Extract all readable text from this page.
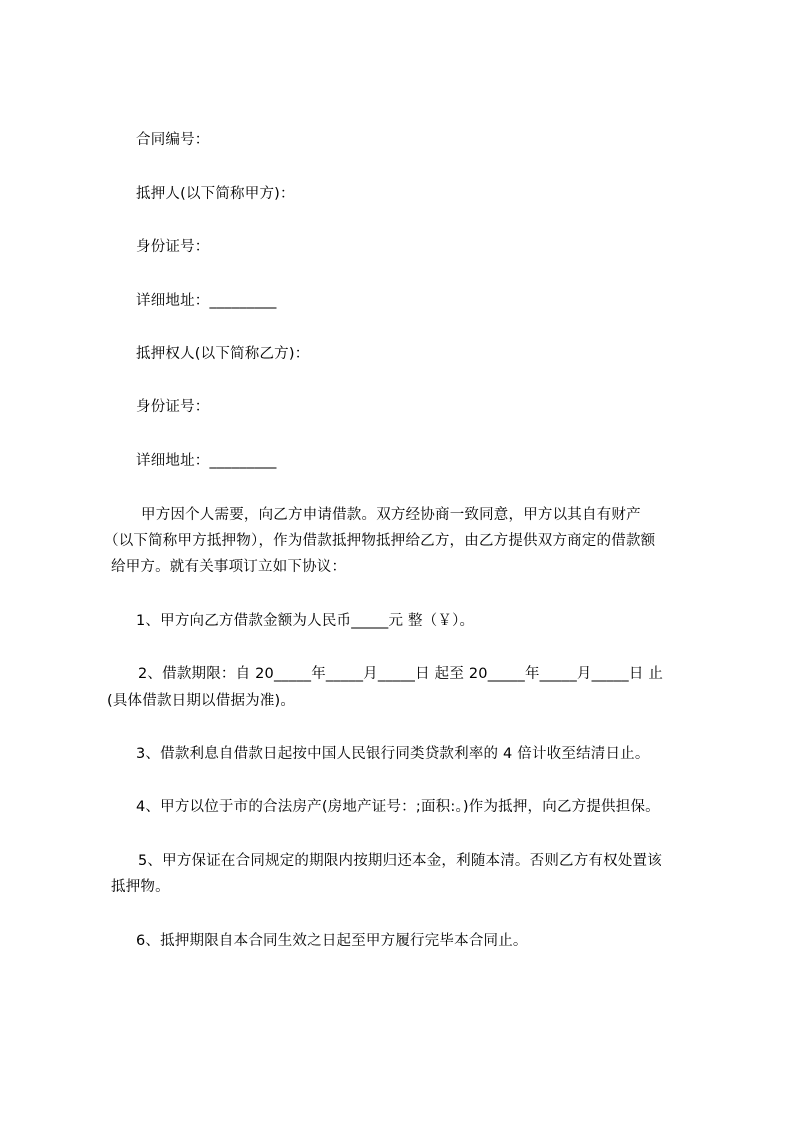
合同编号：
抵押人(以下简称甲方)：
身份证号：
详细地址：_________
抵押权人(以下简称乙方)：
身份证号：
详细地址：_________
甲方因个人需要，向乙方申请借款。双方经协商一致同意，甲方以其自有财产
（以下简称甲方抵押物），作为借款抵押物抵押给乙方，由乙方提供双方商定的借款额
给甲方。就有关事项订立如下协议：
1、甲方向乙方借款金额为人民币_____元 整（￥）。
2、借款期限：自 20_____年_____月_____日 起至 20_____年_____月_____日 止
(具体借款日期以借据为准)。
3、借款利息自借款日起按中国人民银行同类贷款利率的 4 倍计收至结清日止。
4、甲方以位于市的合法房产(房地产证号：;面积:。)作为抵押，向乙方提供担保。
5、甲方保证在合同规定的期限内按期归还本金，利随本清。否则乙方有权处置该
抵押物。
6、抵押期限自本合同生效之日起至甲方履行完毕本合同止。
